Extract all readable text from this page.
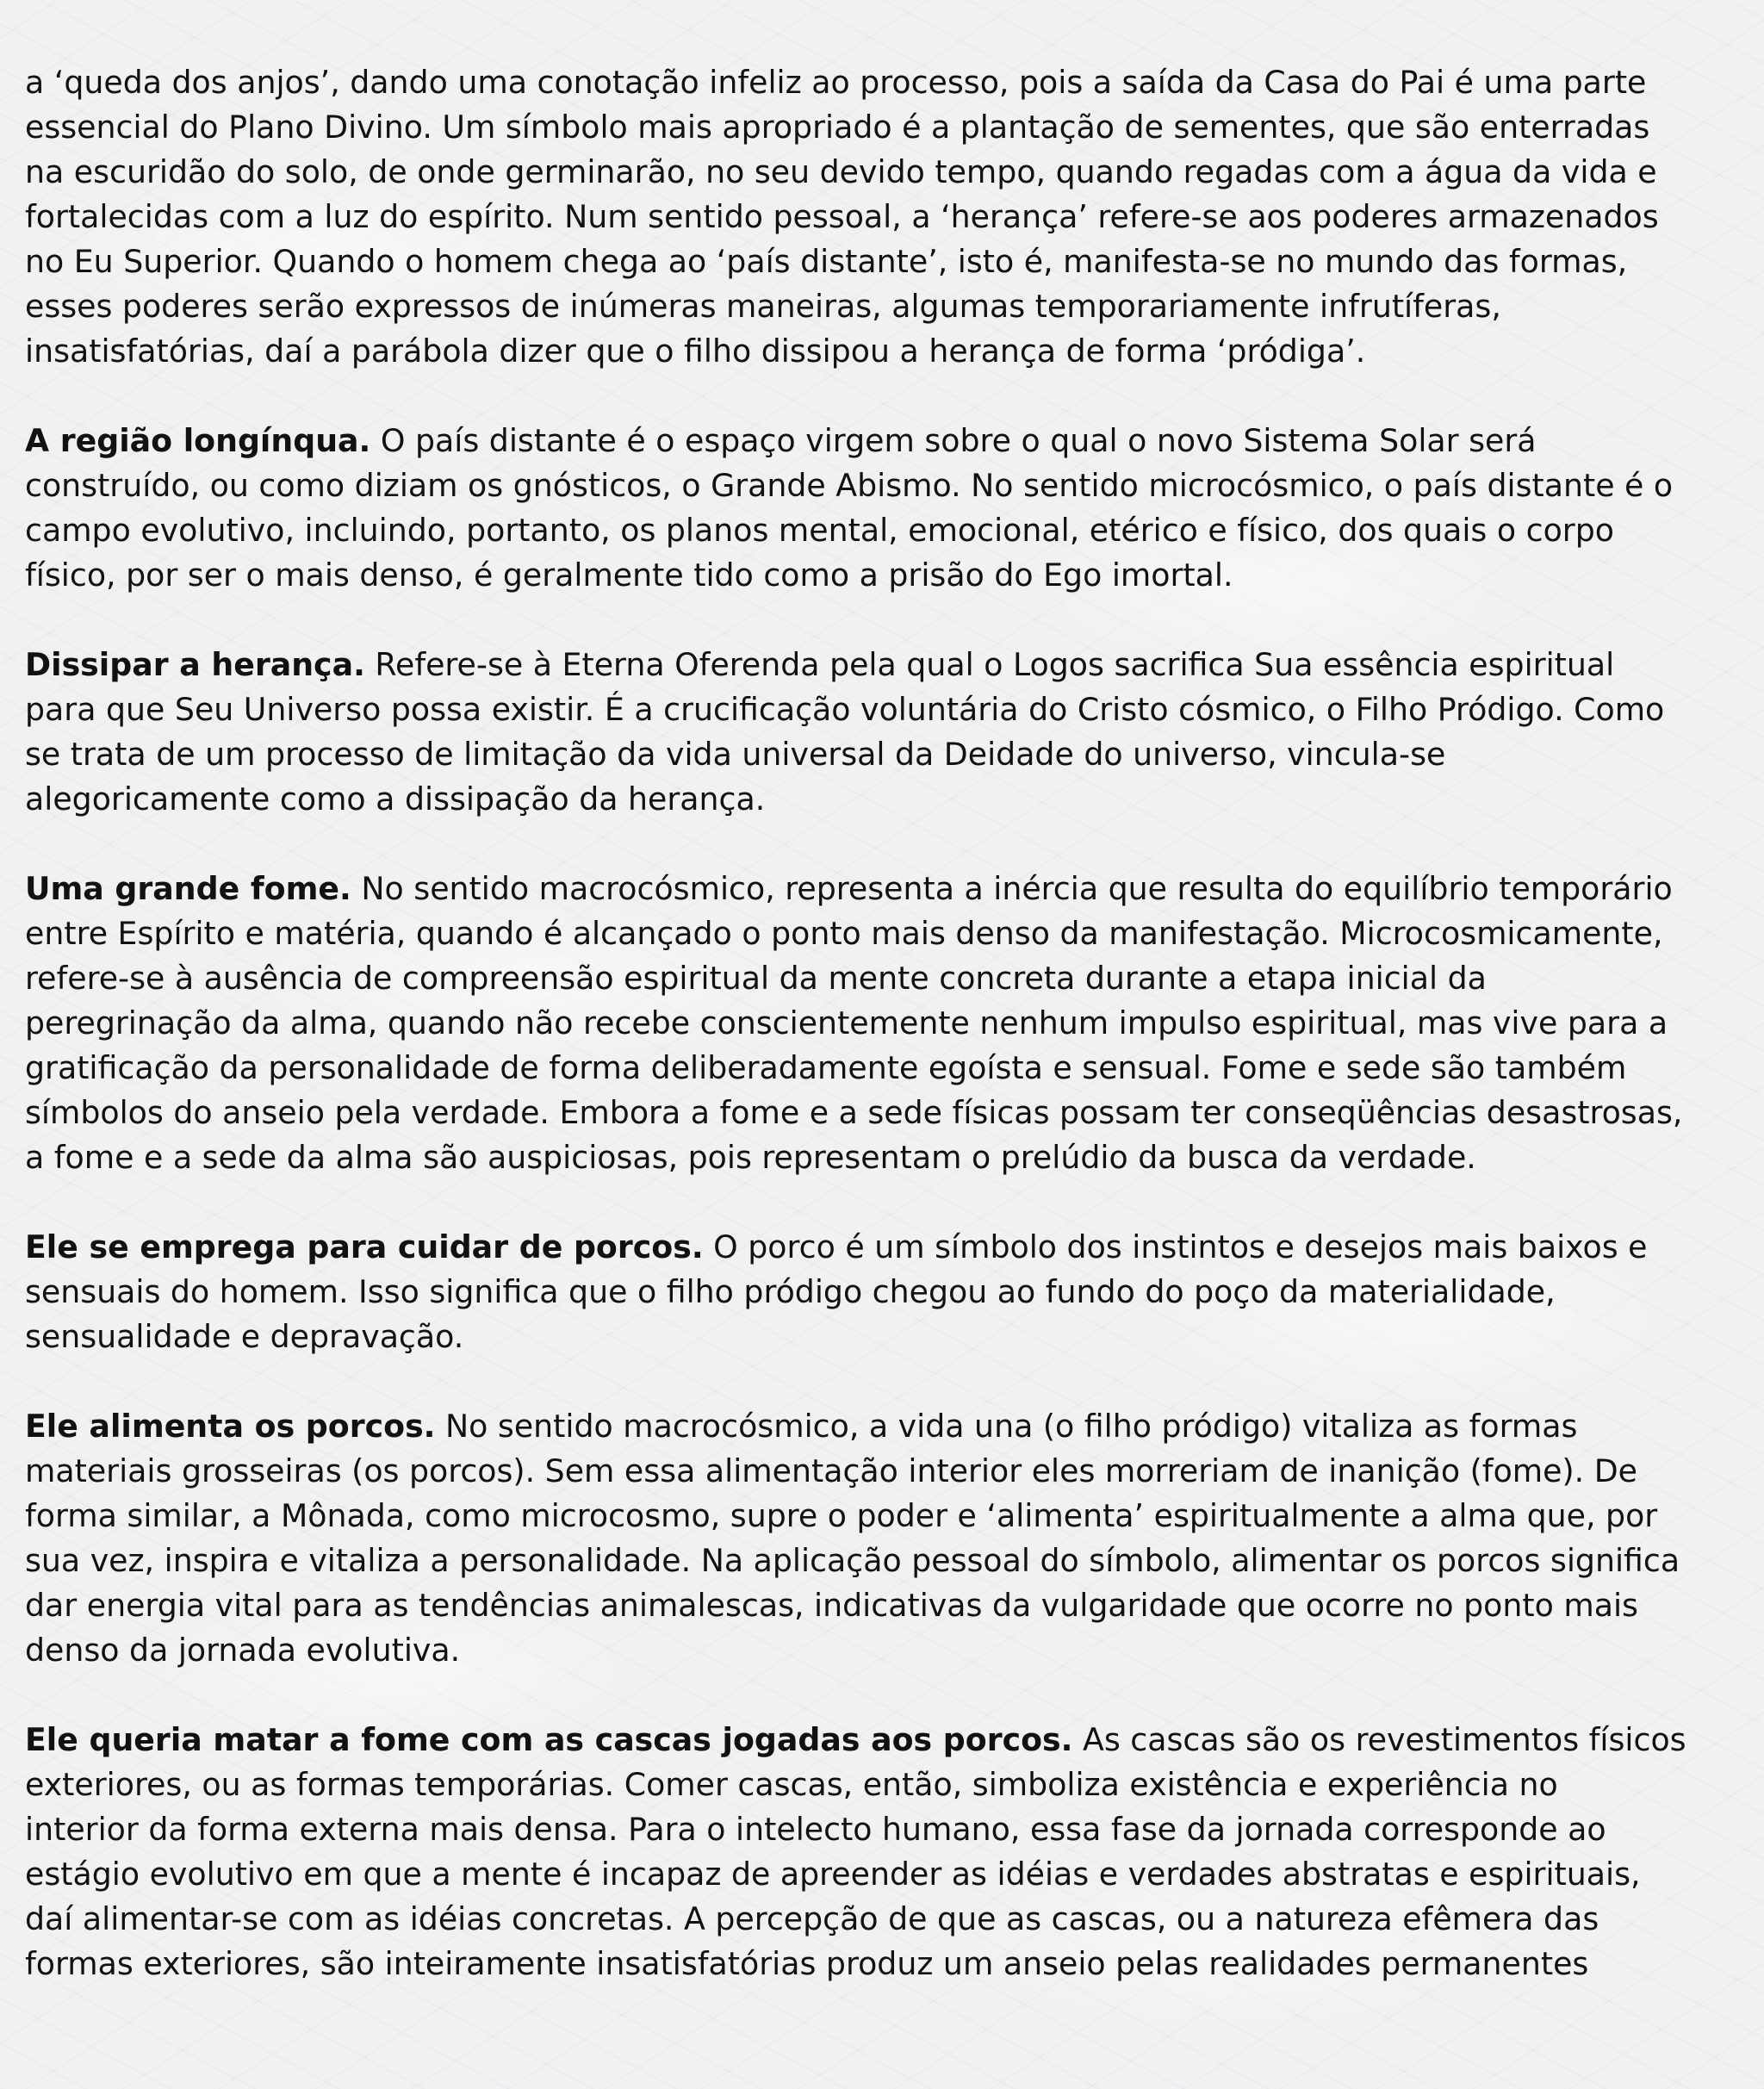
a ‘queda dos anjos’, dando uma conotação infeliz ao processo, pois a saída da Casa do Pai é uma parte
essencial do Plano Divino. Um símbolo mais apropriado é a plantação de sementes, que são enterradas
na escuridão do solo, de onde germinarão, no seu devido tempo, quando regadas com a água da vida e
fortalecidas com a luz do espírito. Num sentido pessoal, a ‘herança’ refere-se aos poderes armazenados
no Eu Superior. Quando o homem chega ao ‘país distante’, isto é, manifesta-se no mundo das formas,
esses poderes serão expressos de inúmeras maneiras, algumas temporariamente infrutíferas,
insatisfatórias, daí a parábola dizer que o filho dissipou a herança de forma ‘pródiga’.
A região longínqua. O país distante é o espaço virgem sobre o qual o novo Sistema Solar será
construído, ou como diziam os gnósticos, o Grande Abismo. No sentido microcósmico, o país distante é o
campo evolutivo, incluindo, portanto, os planos mental, emocional, etérico e físico, dos quais o corpo
físico, por ser o mais denso, é geralmente tido como a prisão do Ego imortal.
Dissipar a herança. Refere-se à Eterna Oferenda pela qual o Logos sacrifica Sua essência espiritual
para que Seu Universo possa existir. É a crucificação voluntária do Cristo cósmico, o Filho Pródigo. Como
se trata de um processo de limitação da vida universal da Deidade do universo, vincula-se
alegoricamente como a dissipação da herança.
Uma grande fome. No sentido macrocósmico, representa a inércia que resulta do equilíbrio temporário
entre Espírito e matéria, quando é alcançado o ponto mais denso da manifestação. Microcosmicamente,
refere-se à ausência de compreensão espiritual da mente concreta durante a etapa inicial da
peregrinação da alma, quando não recebe conscientemente nenhum impulso espiritual, mas vive para a
gratificação da personalidade de forma deliberadamente egoísta e sensual. Fome e sede são também
símbolos do anseio pela verdade. Embora a fome e a sede físicas possam ter conseqüências desastrosas,
a fome e a sede da alma são auspiciosas, pois representam o prelúdio da busca da verdade.
Ele se emprega para cuidar de porcos. O porco é um símbolo dos instintos e desejos mais baixos e
sensuais do homem. Isso significa que o filho pródigo chegou ao fundo do poço da materialidade,
sensualidade e depravação.
Ele alimenta os porcos. No sentido macrocósmico, a vida una (o filho pródigo) vitaliza as formas
materiais grosseiras (os porcos). Sem essa alimentação interior eles morreriam de inanição (fome). De
forma similar, a Mônada, como microcosmo, supre o poder e ‘alimenta’ espiritualmente a alma que, por
sua vez, inspira e vitaliza a personalidade. Na aplicação pessoal do símbolo, alimentar os porcos significa
dar energia vital para as tendências animalescas, indicativas da vulgaridade que ocorre no ponto mais
denso da jornada evolutiva.
Ele queria matar a fome com as cascas jogadas aos porcos. As cascas são os revestimentos físicos
exteriores, ou as formas temporárias. Comer cascas, então, simboliza existência e experiência no
interior da forma externa mais densa. Para o intelecto humano, essa fase da jornada corresponde ao
estágio evolutivo em que a mente é incapaz de apreender as idéias e verdades abstratas e espirituais,
daí alimentar-se com as idéias concretas. A percepção de que as cascas, ou a natureza efêmera das
formas exteriores, são inteiramente insatisfatórias produz um anseio pelas realidades permanentes
